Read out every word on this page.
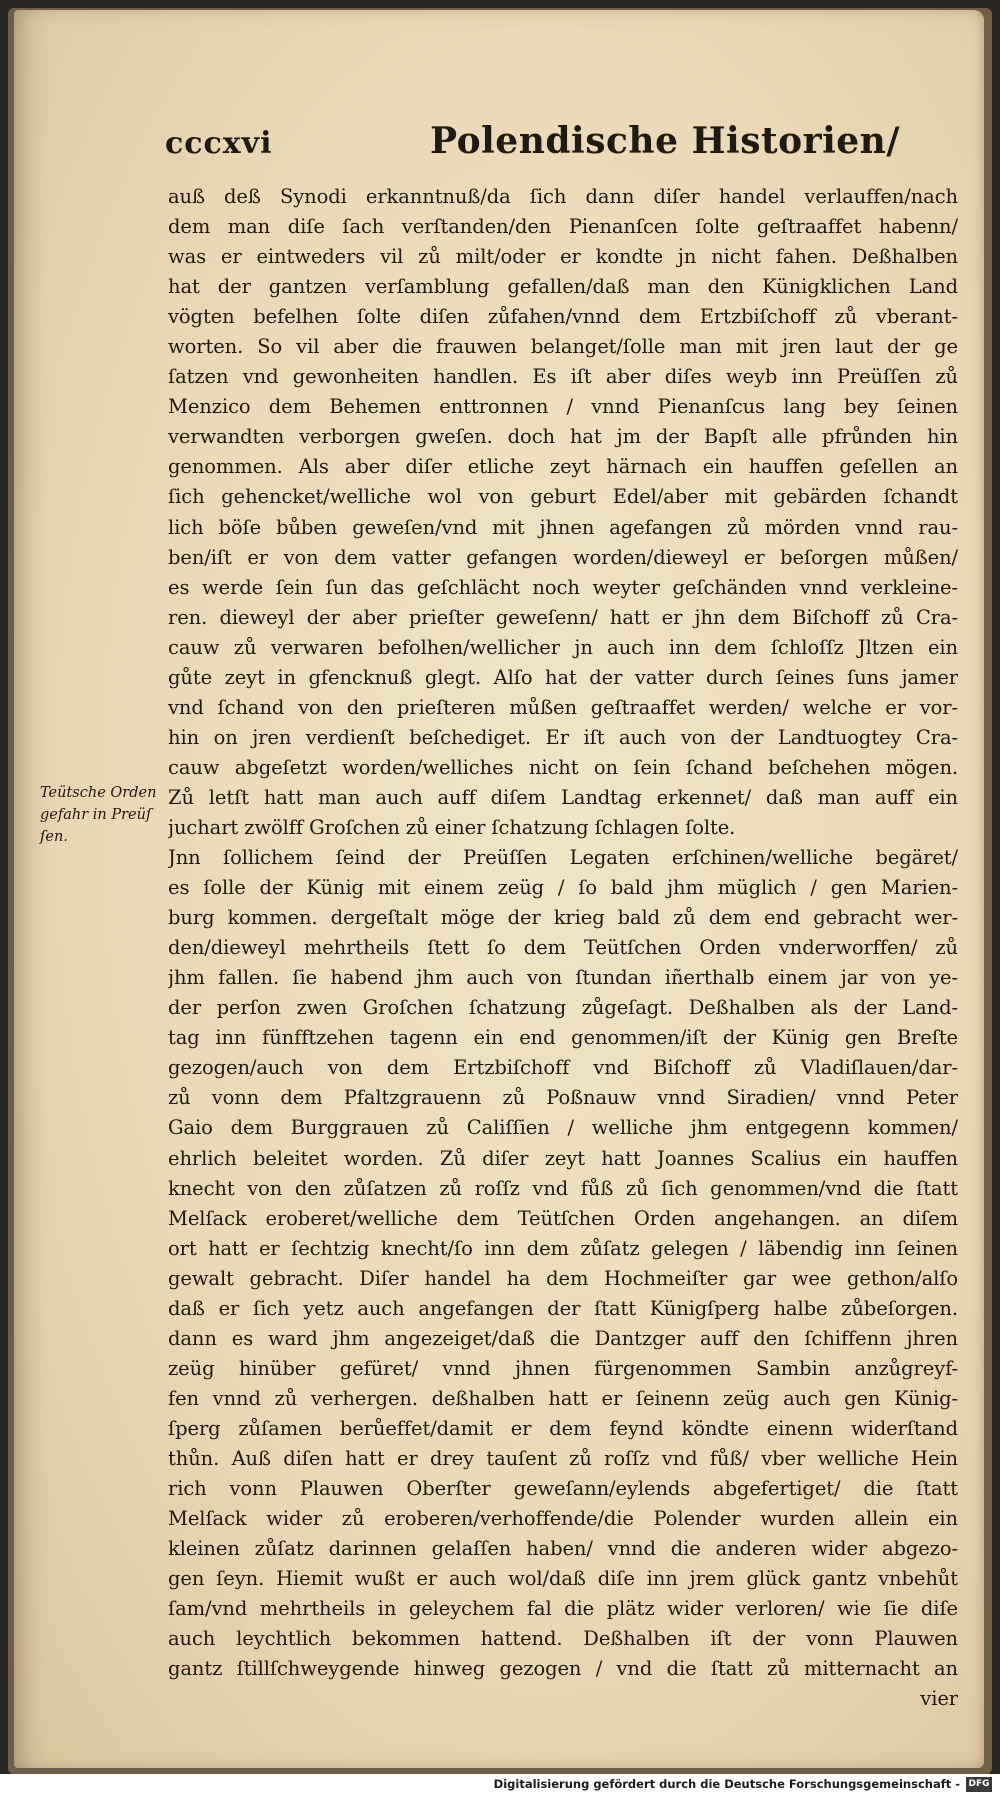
cccxvi	Polendische Historien/
Teütsche Orden
gefahr in Preüſ
ſen.
auß deß Synodi erkanntnuß/da ſich dann diſer handel verlauffen/nach
dem man diſe ſach verſtanden/den Pienanſcen ſolte geſtraaffet habenn/
was er eintweders vil zů milt/oder er kondte jn nicht fahen. Deßhalben
hat der gantzen verſamblung gefallen/daß man den Künigklichen Land
vögten befelhen ſolte diſen zůfahen/vnnd dem Ertzbiſchoff zů vberant-
worten. So vil aber die frauwen belanget/ſolle man mit jren laut der ge
ſatzen vnd gewonheiten handlen. Es iſt aber diſes weyb inn Preüſſen zů
Menzico dem Behemen enttronnen / vnnd Pienanſcus lang bey ſeinen
verwandten verborgen gweſen. doch hat jm der Bapſt alle pfrůnden hin
genommen. Als aber diſer etliche zeyt härnach ein hauffen geſellen an
ſich gehencket/welliche wol von geburt Edel/aber mit gebärden ſchandt
lich böſe bůben geweſen/vnd mit jhnen agefangen zů mörden vnnd rau-
ben/iſt er von dem vatter gefangen worden/dieweyl er beſorgen můßen/
es werde ſein ſun das geſchlächt noch weyter geſchänden vnnd verkleine-
ren. dieweyl der aber prieſter geweſenn/ hatt er jhn dem Biſchoff zů Cra-
cauw zů verwaren befolhen/wellicher jn auch inn dem ſchloſſz Jltzen ein
gůte zeyt in gfencknuß glegt. Alſo hat der vatter durch ſeines ſuns jamer
vnd ſchand von den prieſteren můßen geſtraaffet werden/ welche er vor-
hin on jren verdienſt beſchediget. Er iſt auch von der Landtuogtey Cra-
cauw abgeſetzt worden/welliches nicht on ſein ſchand beſchehen mögen.
Zů letſt hatt man auch auff diſem Landtag erkennet/ daß man auff ein
juchart zwölff Groſchen zů einer ſchatzung ſchlagen ſolte.
Jnn ſollichem ſeind der Preüſſen Legaten erſchinen/welliche begäret/
es ſolle der Künig mit einem zeüg / ſo bald jhm müglich / gen Marien-
burg kommen. dergeſtalt möge der krieg bald zů dem end gebracht wer-
den/dieweyl mehrtheils ſtett ſo dem Teütſchen Orden vnderworffen/ zů
jhm fallen. ſie habend jhm auch von ſtundan iñerthalb einem jar von ye-
der perſon zwen Groſchen ſchatzung zůgeſagt. Deßhalben als der Land-
tag inn fünfftzehen tagenn ein end genommen/iſt der Künig gen Breſte
gezogen/auch von dem Ertzbiſchoff vnd Biſchoff zů Vladiſlauen/dar-
zů vonn dem Pfaltzgrauenn zů Poßnauw vnnd Siradien/ vnnd Peter
Gaio dem Burggrauen zů Caliſſien / welliche jhm entgegenn kommen/
ehrlich beleitet worden. Zů diſer zeyt hatt Joannes Scalius ein hauffen
knecht von den zůſatzen zů roſſz vnd fůß zů ſich genommen/vnd die ſtatt
Melſack eroberet/welliche dem Teütſchen Orden angehangen. an diſem
ort hatt er ſechtzig knecht/ſo inn dem zůſatz gelegen / läbendig inn ſeinen
gewalt gebracht. Diſer handel ha dem Hochmeiſter gar wee gethon/alſo
daß er ſich yetz auch angefangen der ſtatt Künigſperg halbe zůbeſorgen.
dann es ward jhm angezeiget/daß die Dantzger auff den ſchiffenn jhren
zeüg hinüber gefüret/ vnnd jhnen fürgenommen Sambin anzůgreyf-
fen vnnd zů verhergen. deßhalben hatt er ſeinenn zeüg auch gen Künig-
ſperg zůſamen berůeffet/damit er dem feynd köndte einenn widerſtand
thůn. Auß diſen hatt er drey tauſent zů roſſz vnd fůß/ vber welliche Hein
rich vonn Plauwen Oberſter geweſann/eylends abgefertiget/ die ſtatt
Melſack wider zů eroberen/verhoffende/die Polender wurden allein ein
kleinen zůſatz darinnen gelaſſen haben/ vnnd die anderen wider abgezo-
gen ſeyn. Hiemit wußt er auch wol/daß diſe inn jrem glück gantz vnbehůt
ſam/vnd mehrtheils in geleychem fal die plätz wider verloren/ wie ſie diſe
auch leychtlich bekommen hattend. Deßhalben iſt der vonn Plauwen
gantz ſtillſchweygende hinweg gezogen / vnd die ſtatt zů mitternacht an
vier
Digitalisierung gefördert durch die Deutsche Forschungsgemeinschaft - DFG
